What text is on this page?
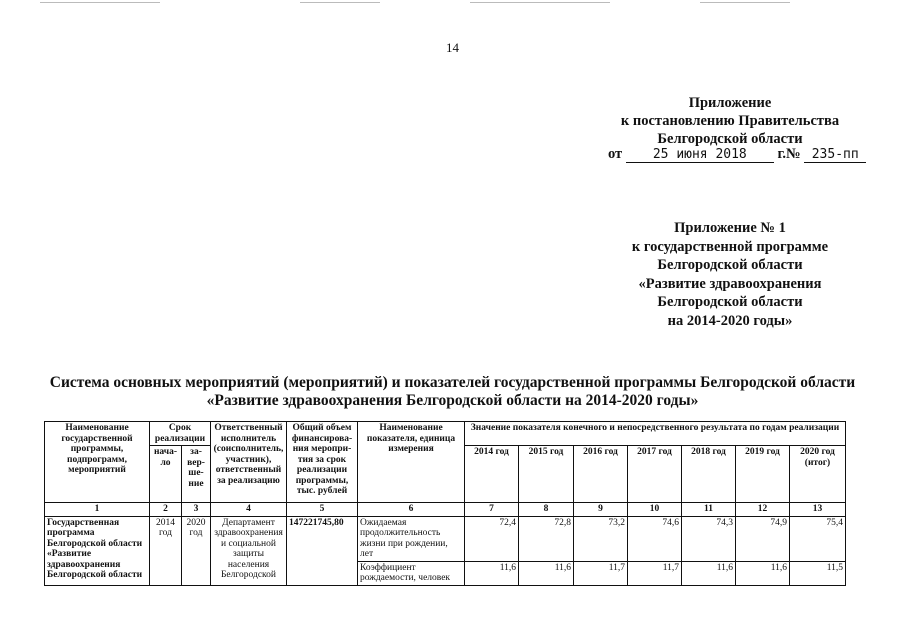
14
Приложение
к постановлению Правительства
Белгородской области
от 25 июня 2018 г.№ 235-пп
Приложение № 1
к государственной программе
Белгородской области
«Развитие здравоохранения
Белгородской области
на 2014-2020 годы»
Система основных мероприятий (мероприятий) и показателей государственной программы Белгородской области
«Развитие здравоохранения Белгородской области на 2014-2020 годы»
Наименование государственной программы, подпрограмм, мероприятий	Срок реализации		Ответственный исполнитель (соисполнитель, участник), ответственный за реализацию	Общий объем финансирова-ния меропри-тия за срок реализации программы, тыс. рублей	Наименование показателя, единица измерения	Значение показателя конечного и непосредственного результата по годам реализации						
	нача-ло	за-вер-ше-ние				2014 год	2015 год	2016 год	2017 год	2018 год	2019 год	2020 год (итог)
1	2	3	4	5	6	7	8	9	10	11	12	13
Государственная программа Белгородской области «Развитие здравоохранения Белгородской области	2014 год	2020 год	Департамент здравоохранения и социальной защиты населения Белгородской	147221745,80	Ожидаемая продолжительность жизни при рождении, лет	72,4	72,8	73,2	74,6	74,3	74,9	75,4
					Коэффициент рождаемости, человек	11,6	11,6	11,7	11,7	11,6	11,6	11,5
